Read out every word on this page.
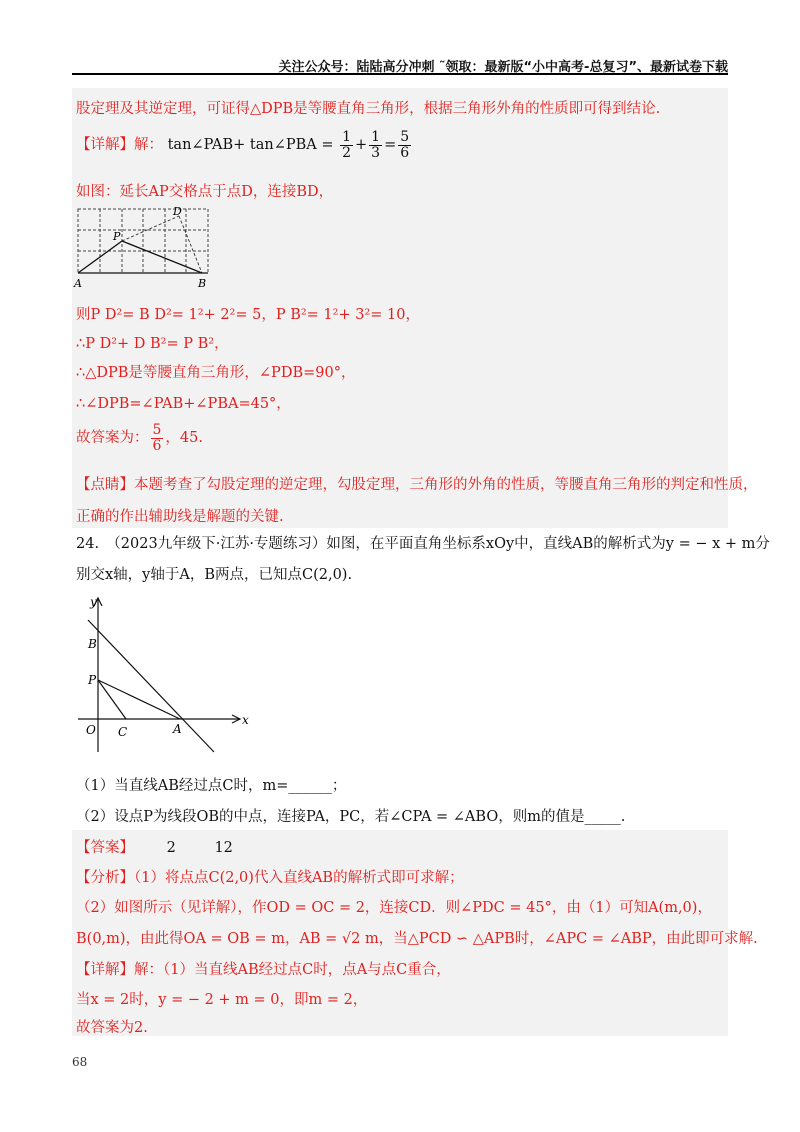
关注公众号：陆陆高分冲刺 ˜领取：最新版“小中高考-总复习”、最新试卷下载
股定理及其逆定理，可证得△DPB是等腰直角三角形，根据三角形外角的性质即可得到结论.
【详解】解： tan∠PAB+ tan∠PBA = $\frac{1}{2} + \frac{1}{3} = \frac{5}{6}$
如图：延长AP交格点于点D，连接BD，
D
P
A	B
则P D²= B D²= 1²+ 2²= 5，P B²= 1²+ 3²= 10，
∴P D²+ D B²= P B²，
∴△DPB是等腰直角三角形，∠PDB=90°，
∴∠DPB=∠PAB+∠PBA=45°，
故答案为： $\frac{5}{6}$ ，45.
【点睛】本题考查了勾股定理的逆定理，勾股定理，三角形的外角的性质，等腰直角三角形的判定和性质，
正确的作出辅助线是解题的关键.
24.　（2023九年级下·江苏·专题练习）如图，在平面直角坐标系xOy中，直线AB的解析式为y = − x + m分
别交x轴，y轴于A，B两点，已知点C(2,0).
y
x
B
P
O C	A
（1）当直线AB经过点C时，m=______；
（2）设点P为线段OB的中点，连接PA，PC，若∠CPA = ∠ABO，则m的值是_____.
【答案】 2	12
【分析】（1）将点点C(2,0)代入直线AB的解析式即可求解；
（2）如图所示（见详解），作OD = OC = 2，连接CD．则∠PDC = 45°，由（1）可知A(m,0)，
B(0,m)，由此得OA = OB = m，AB = √2 m，当△PCD ∽ △APB时，∠APC = ∠ABP，由此即可求解.
【详解】解：（1）当直线AB经过点C时，点A与点C重合，
当x = 2时，y = − 2 + m = 0，即m = 2，
故答案为2.
68
